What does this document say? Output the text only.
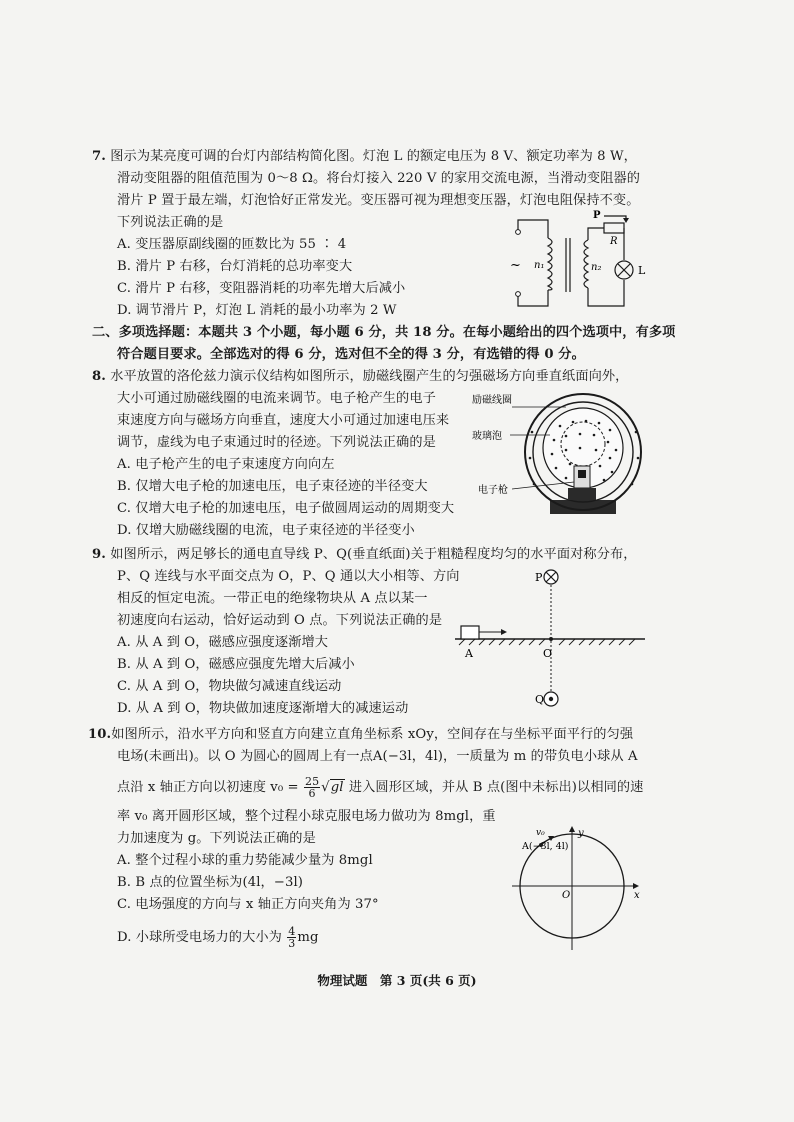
7. 图示为某亮度可调的台灯内部结构简化图。灯泡 L 的额定电压为 8 V、额定功率为 8 W，
滑动变阻器的阻值范围为 0～8 Ω。将台灯接入 220 V 的家用交流电源，当滑动变阻器的
滑片 P 置于最左端，灯泡恰好正常发光。变压器可视为理想变压器，灯泡电阻保持不变。
下列说法正确的是
A. 变压器原副线圈的匝数比为 55 ∶ 4
B. 滑片 P 右移，台灯消耗的总功率变大
C. 滑片 P 右移，变阻器消耗的功率先增大后减小
D. 调节滑片 P，灯泡 L 消耗的最小功率为 2 W
~ n₁	n₂
P
R
L
二、多项选择题：本题共 3 个小题，每小题 6 分，共 18 分。在每小题给出的四个选项中，有多项
符合题目要求。全部选对的得 6 分，选对但不全的得 3 分，有选错的得 0 分。
8. 水平放置的洛伦兹力演示仪结构如图所示，励磁线圈产生的匀强磁场方向垂直纸面向外，
大小可通过励磁线圈的电流来调节。电子枪产生的电子
束速度方向与磁场方向垂直，速度大小可通过加速电压来
调节，虚线为电子束通过时的径迹。下列说法正确的是
A. 电子枪产生的电子束速度方向向左
B. 仅增大电子枪的加速电压，电子束径迹的半径变大
C. 仅增大电子枪的加速电压，电子做圆周运动的周期变大
D. 仅增大励磁线圈的电流，电子束径迹的半径变小
励磁线圈
玻璃泡
电子枪
9. 如图所示，两足够长的通电直导线 P、Q(垂直纸面)关于粗糙程度均匀的水平面对称分布，
P、Q 连线与水平面交点为 O，P、Q 通以大小相等、方向
相反的恒定电流。一带正电的绝缘物块从 A 点以某一
初速度向右运动，恰好运动到 O 点。下列说法正确的是
A. 从 A 到 O，磁感应强度逐渐增大
B. 从 A 到 O，磁感应强度先增大后减小
C. 从 A 到 O，物块做匀减速直线运动
D. 从 A 到 O，物块做加速度逐渐增大的减速运动
P
Q
A	O
10.如图所示，沿水平方向和竖直方向建立直角坐标系 xOy，空间存在与坐标平面平行的匀强
电场(未画出)。以 O 为圆心的圆周上有一点A(−3l，4l)，一质量为 m 的带负电小球从 A
点沿 x 轴正方向以初速度 $v_0 = \frac{25}{6} √gl$ 进入圆形区域，并从 B 点(图中未标出)以相同的速
率 v₀ 离开圆形区域，整个过程小球克服电场力做功为 8mgl，重
力加速度为 g。下列说法正确的是
A. 整个过程小球的重力势能减少量为 8mgl
B. B 点的位置坐标为(4l，−3l)
C. 电场强度的方向与 x 轴正方向夹角为 37°
D. 小球所受电场力的大小为 $\frac{4}{3}$ mg
y
x
O
v₀
A(−3l, 4l)
物理试题　第 3 页(共 6 页)
